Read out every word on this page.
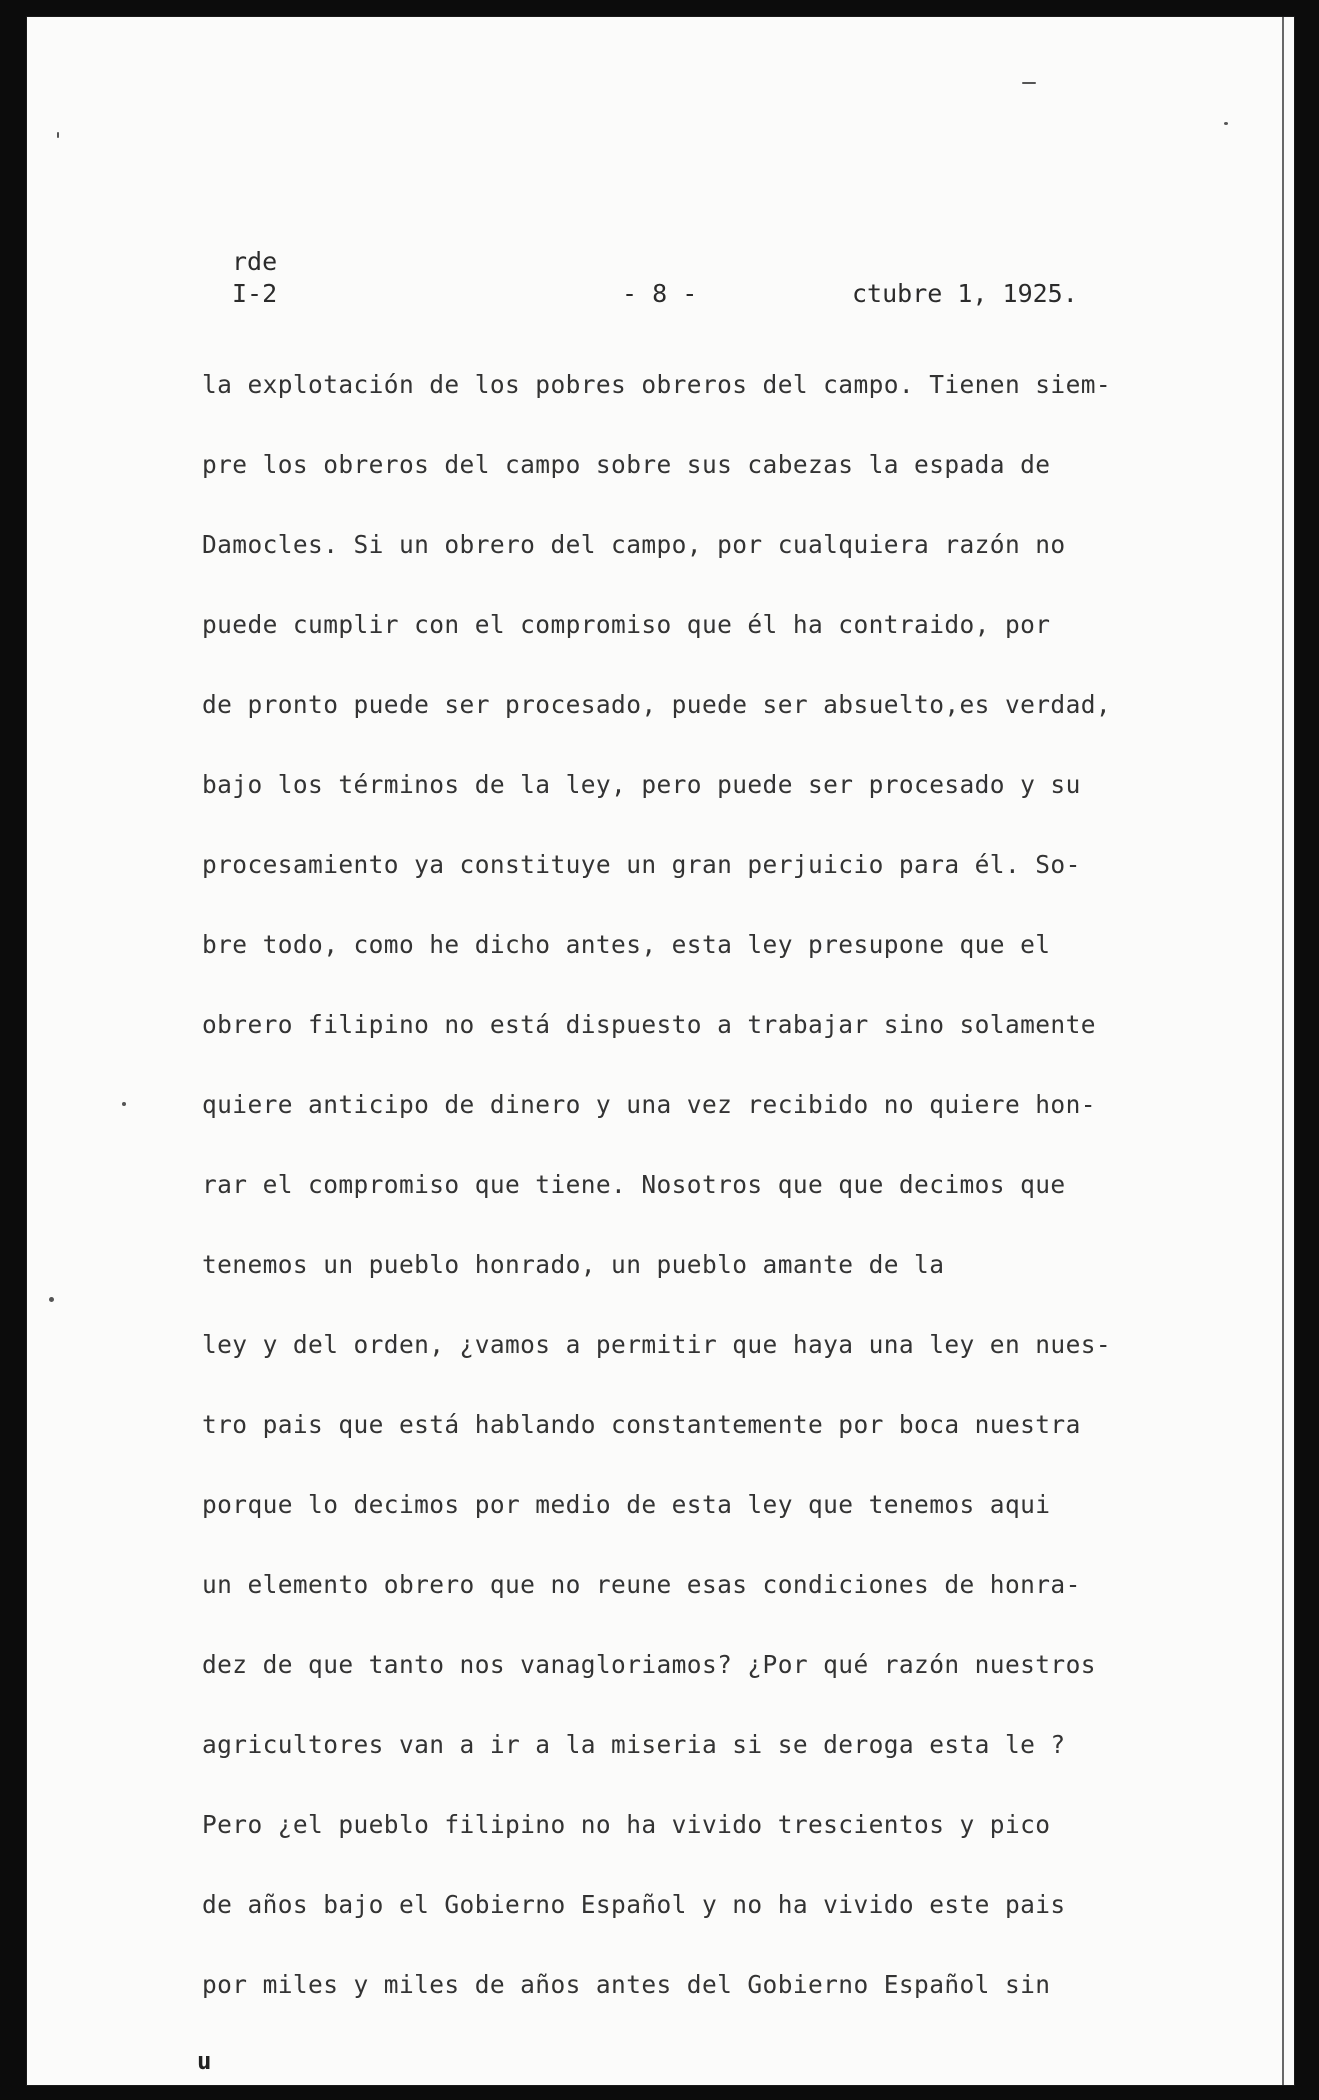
rde
I-2	- 8 -	ctubre 1, 1925.
la explotación de los pobres obreros del campo. Tienen siem-
pre los obreros del campo sobre sus cabezas la espada de
Damocles. Si un obrero del campo, por cualquiera razón no
puede cumplir con el compromiso que él ha contraido, por
de pronto puede ser procesado, puede ser absuelto,es verdad,
bajo los términos de la ley, pero puede ser procesado y su
procesamiento ya constituye un gran perjuicio para él. So-
bre todo, como he dicho antes, esta ley presupone que el
obrero filipino no está dispuesto a trabajar sino solamente
quiere anticipo de dinero y una vez recibido no quiere hon-
rar el compromiso que tiene. Nosotros que que decimos que
tenemos un pueblo honrado, un pueblo amante de la
ley y del orden, ¿vamos a permitir que haya una ley en nues-
tro pais que está hablando constantemente por boca nuestra
porque lo decimos por medio de esta ley que tenemos aqui
un elemento obrero que no reune esas condiciones de honra-
dez de que tanto nos vanagloriamos? ¿Por qué razón nuestros
agricultores van a ir a la miseria si se deroga esta le ?
Pero ¿el pueblo filipino no ha vivido trescientos y pico
de años bajo el Gobierno Español y no ha vivido este pais
por miles y miles de años antes del Gobierno Español sin
u
